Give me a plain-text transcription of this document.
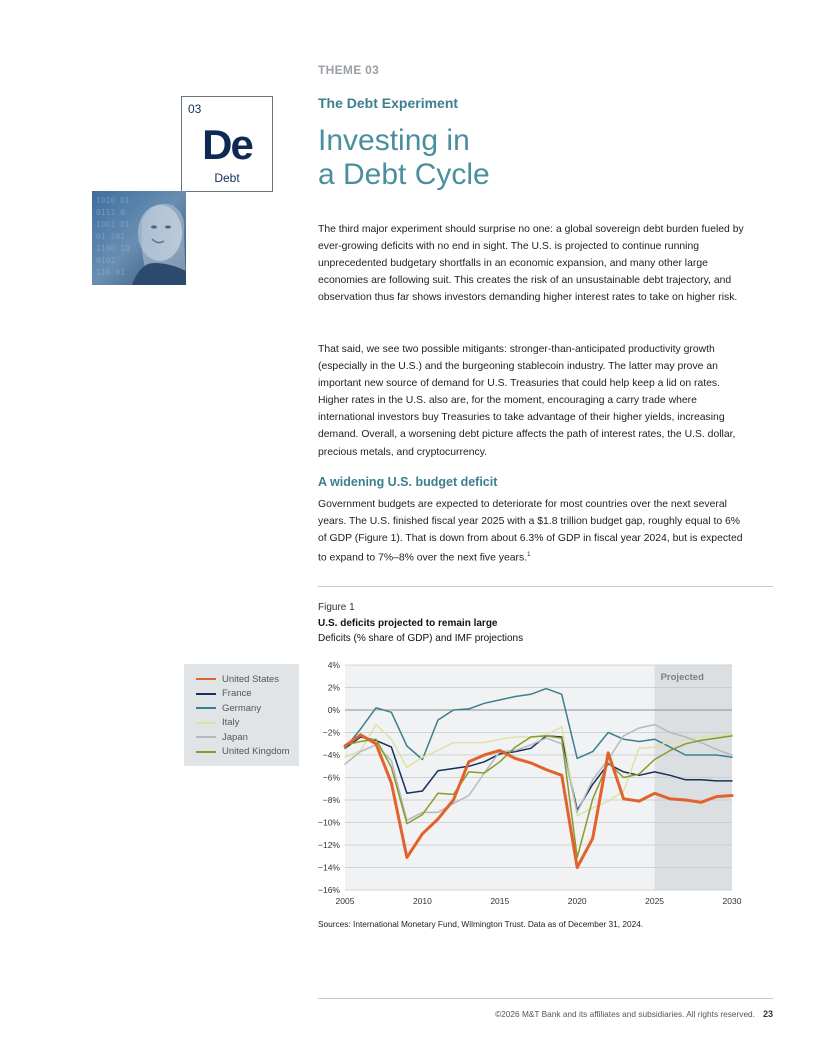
THEME 03
03
De
Debt
1010 01
0111 0
1001 01
01 101
1100 10
0101
110 01
The Debt Experiment
Investing in
a Debt Cycle
The third major experiment should surprise no one: a global sovereign debt burden fueled by ever-growing deficits with no end in sight. The U.S. is projected to continue running unprecedented budgetary shortfalls in an economic expansion, and many other large economies are following suit. This creates the risk of an unsustainable debt trajectory, and observation thus far shows investors demanding higher interest rates to take on higher risk.
That said, we see two possible mitigants: stronger-than-anticipated productivity growth (especially in the U.S.) and the burgeoning stablecoin industry. The latter may prove an important new source of demand for U.S. Treasuries that could help keep a lid on rates. Higher rates in the U.S. also are, for the moment, encouraging a carry trade where international investors buy Treasuries to take advantage of their higher yields, increasing demand. Overall, a worsening debt picture affects the path of interest rates, the U.S. dollar, precious metals, and cryptocurrency.
A widening U.S. budget deficit
Government budgets are expected to deteriorate for most countries over the next several years. The U.S. finished fiscal year 2025 with a $1.8 trillion budget gap, roughly equal to 6% of GDP (Figure 1). That is down from about 6.3% of GDP in fiscal year 2024, but is expected to expand to 7%–8% over the next five years.$^1$
Figure 1
U.S. deficits projected to remain large
Deficits (% share of GDP) and IMF projections
United States
France
Germany
Italy
Japan
United Kingdom
Projected
4%
2%
0%
−2%
−4%
−6%
−8%
−10%
−12%
−14%
−16%
2005	2010	2015	2020	2025	2030
Sources: International Monetary Fund, Wilmington Trust. Data as of December 31, 2024.
©2026 M&T Bank and its affiliates and subsidiaries. All rights reserved. 23
